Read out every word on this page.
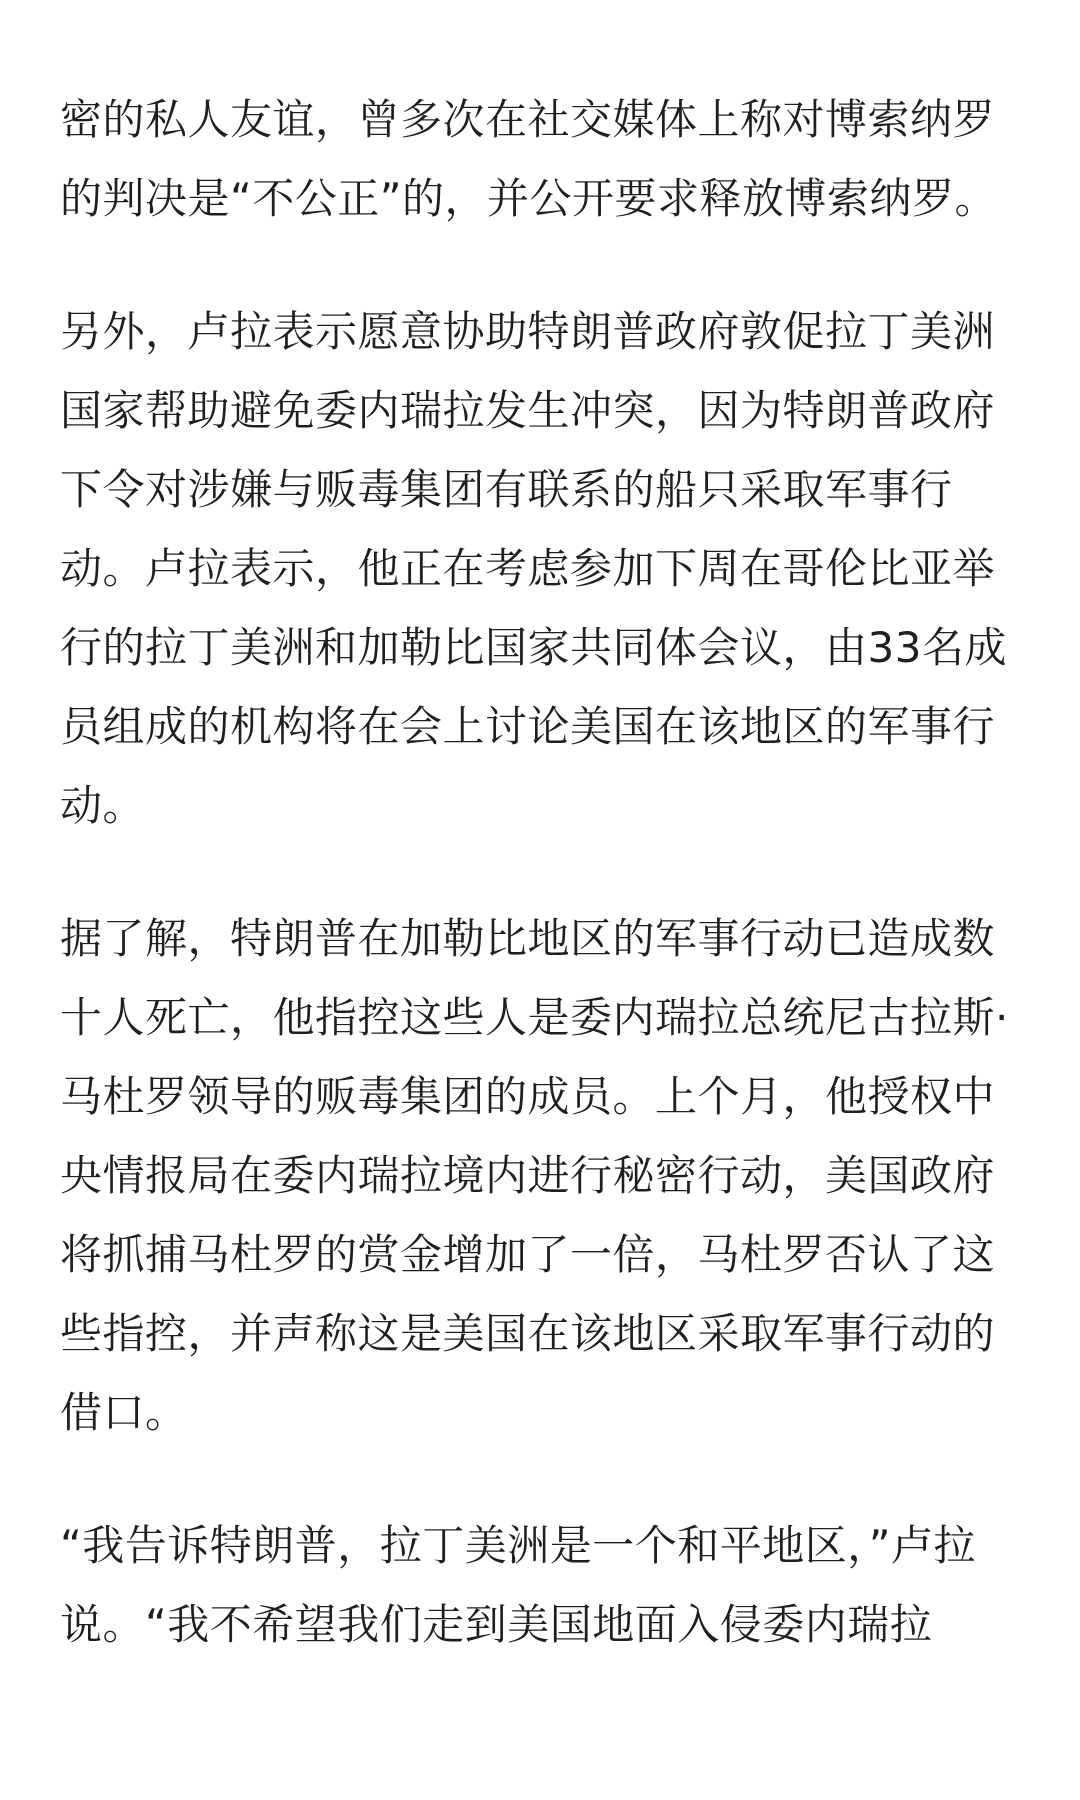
密的私人友谊，曾多次在社交媒体上称对博索纳罗的判决是“不公正”的，并公开要求释放博索纳罗。

另外，卢拉表示愿意协助特朗普政府敦促拉丁美洲国家帮助避免委内瑞拉发生冲突，因为特朗普政府下令对涉嫌与贩毒集团有联系的船只采取军事行动。卢拉表示，他正在考虑参加下周在哥伦比亚举行的拉丁美洲和加勒比国家共同体会议，由33名成员组成的机构将在会上讨论美国在该地区的军事行动。

据了解，特朗普在加勒比地区的军事行动已造成数十人死亡，他指控这些人是委内瑞拉总统尼古拉斯·马杜罗领导的贩毒集团的成员。上个月，他授权中央情报局在委内瑞拉境内进行秘密行动，美国政府将抓捕马杜罗的赏金增加了一倍，马杜罗否认了这些指控，并声称这是美国在该地区采取军事行动的借口。

“我告诉特朗普，拉丁美洲是一个和平地区，”卢拉说。“我不希望我们走到美国地面入侵委内瑞拉
